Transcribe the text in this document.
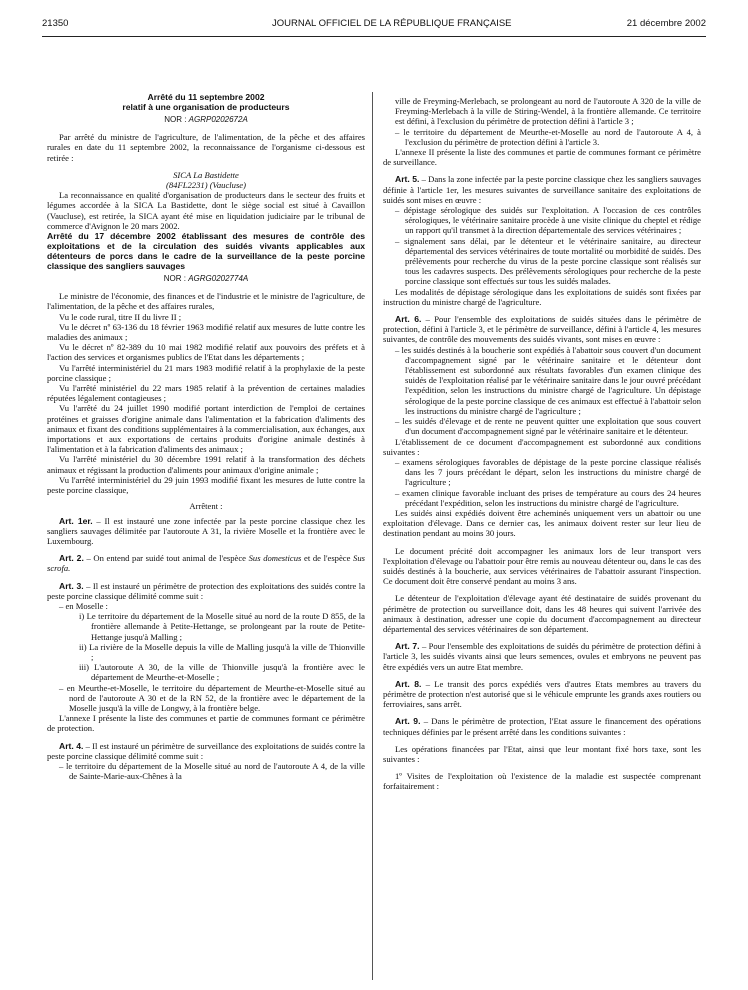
21350	JOURNAL OFFICIEL DE LA RÉPUBLIQUE FRANÇAISE	21 décembre 2002

Arrêté du 11 septembre 2002

relatif à une organisation de producteurs

NOR : AGRP0202672A

Par arrêté du ministre de l'agriculture, de l'alimentation, de la pêche et des affaires rurales en date du 11 septembre 2002, la reconnaissance de l'organisme ci-dessous est retirée :

SICA La Bastidette

(84FL2231) (Vaucluse)

La reconnaissance en qualité d'organisation de producteurs dans le secteur des fruits et légumes accordée à la SICA La Bastidette, dont le siège social est situé à Cavaillon (Vaucluse), est retirée, la SICA ayant été mise en liquidation judiciaire par le tribunal de commerce d'Avignon le 20 mars 2002.

Arrêté du 17 décembre 2002 établissant des mesures de contrôle des exploitations et de la circulation des suidés vivants applicables aux détenteurs de porcs dans le cadre de la surveillance de la peste porcine classique des sangliers sauvages

NOR : AGRG0202774A

Le ministre de l'économie, des finances et de l'industrie et le ministre de l'agriculture, de l'alimentation, de la pêche et des affaires rurales,

Vu le code rural, titre II du livre II ;

Vu le décret nº 63-136 du 18 février 1963 modifié relatif aux mesures de lutte contre les maladies des animaux ;

Vu le décret nº 82-389 du 10 mai 1982 modifié relatif aux pouvoirs des préfets et à l'action des services et organismes publics de l'Etat dans les départements ;

Vu l'arrêté interministériel du 21 mars 1983 modifié relatif à la prophylaxie de la peste porcine classique ;

Vu l'arrêté ministériel du 22 mars 1985 relatif à la prévention de certaines maladies réputées légalement contagieuses ;

Vu l'arrêté du 24 juillet 1990 modifié portant interdiction de l'emploi de certaines protéines et graisses d'origine animale dans l'alimentation et la fabrication d'aliments des animaux et fixant des conditions supplémentaires à la commercialisation, aux échanges, aux importations et aux exportations de certains produits d'origine animale destinés à l'alimentation et à la fabrication d'aliments des animaux ;

Vu l'arrêté ministériel du 30 décembre 1991 relatif à la transformation des déchets animaux et régissant la production d'aliments pour animaux d'origine animale ;

Vu l'arrêté interministériel du 29 juin 1993 modifié fixant les mesures de lutte contre la peste porcine classique,

Arrêtent :

Art. 1er. – Il est instauré une zone infectée par la peste porcine classique chez les sangliers sauvages délimitée par l'autoroute A 31, la rivière Moselle et la frontière avec le Luxembourg.

Art. 2. – On entend par suidé tout animal de l'espèce Sus domesticus et de l'espèce Sus scrofa.

Art. 3. – Il est instauré un périmètre de protection des exploitations des suidés contre la peste porcine classique délimité comme suit :

– en Moselle :

i) Le territoire du département de la Moselle situé au nord de la route D 855, de la frontière allemande à Petite-Hettange, se prolongeant par la route de Petite-Hettange jusqu'à Malling ;

ii) La rivière de la Moselle depuis la ville de Malling jusqu'à la ville de Thionville ;

iii) L'autoroute A 30, de la ville de Thionville jusqu'à la frontière avec le département de Meurthe-et-Moselle ;

– en Meurthe-et-Moselle, le territoire du département de Meurthe-et-Moselle situé au nord de l'autoroute A 30 et de la RN 52, de la frontière avec le département de la Moselle jusqu'à la ville de Longwy, à la frontière belge.

L'annexe I présente la liste des communes et partie de communes formant ce périmètre de protection.

Art. 4. – Il est instauré un périmètre de surveillance des exploitations de suidés contre la peste porcine classique délimité comme suit :

– le territoire du département de la Moselle situé au nord de l'autoroute A 4, de la ville de Sainte-Marie-aux-Chênes à la

ville de Freyming-Merlebach, se prolongeant au nord de l'autoroute A 320 de la ville de Freyming-Merlebach à la ville de Stiring-Wendel, à la frontière allemande. Ce territoire est défini, à l'exclusion du périmètre de protection défini à l'article 3 ;

– le territoire du département de Meurthe-et-Moselle au nord de l'autoroute A 4, à l'exclusion du périmètre de protection défini à l'article 3.

L'annexe II présente la liste des communes et partie de communes formant ce périmètre de surveillance.

Art. 5. – Dans la zone infectée par la peste porcine classique chez les sangliers sauvages définie à l'article 1er, les mesures suivantes de surveillance sanitaire des exploitations de suidés sont mises en œuvre :

– dépistage sérologique des suidés sur l'exploitation. A l'occasion de ces contrôles sérologiques, le vétérinaire sanitaire procède à une visite clinique du cheptel et rédige un rapport qu'il transmet à la direction départementale des services vétérinaires ;

– signalement sans délai, par le détenteur et le vétérinaire sanitaire, au directeur départemental des services vétérinaires de toute mortalité ou morbidité de suidés. Des prélèvements pour recherche du virus de la peste porcine classique sont réalisés sur tous les cadavres suspects. Des prélèvements sérologiques pour recherche de la peste porcine classique sont effectués sur tous les suidés malades.

Les modalités de dépistage sérologique dans les exploitations de suidés sont fixées par instruction du ministre chargé de l'agriculture.

Art. 6. – Pour l'ensemble des exploitations de suidés situées dans le périmètre de protection, défini à l'article 3, et le périmètre de surveillance, défini à l'article 4, les mesures suivantes, de contrôle des mouvements des suidés vivants, sont mises en œuvre :

– les suidés destinés à la boucherie sont expédiés à l'abattoir sous couvert d'un document d'accompagnement signé par le vétérinaire sanitaire et le détenteur dont l'établissement est subordonné aux résultats favorables d'un examen clinique des suidés de l'exploitation réalisé par le vétérinaire sanitaire dans le jour ouvré précédant l'expédition, selon les instructions du ministre chargé de l'agriculture. Un dépistage sérologique de la peste porcine classique de ces animaux est effectué à l'abattoir selon les instructions du ministre chargé de l'agriculture ;

– les suidés d'élevage et de rente ne peuvent quitter une exploitation que sous couvert d'un document d'accompagnement signé par le vétérinaire sanitaire et le détenteur.

L'établissement de ce document d'accompagnement est subordonné aux conditions suivantes :

– examens sérologiques favorables de dépistage de la peste porcine classique réalisés dans les 7 jours précédant le départ, selon les instructions du ministre chargé de l'agriculture ;

– examen clinique favorable incluant des prises de température au cours des 24 heures précédant l'expédition, selon les instructions du ministre chargé de l'agriculture.

Les suidés ainsi expédiés doivent être acheminés uniquement vers un abattoir ou une exploitation d'élevage. Dans ce dernier cas, les animaux doivent rester sur leur lieu de destination pendant au moins 30 jours.

Le document précité doit accompagner les animaux lors de leur transport vers l'exploitation d'élevage ou l'abattoir pour être remis au nouveau détenteur ou, dans le cas des suidés destinés à la boucherie, aux services vétérinaires de l'abattoir assurant l'inspection. Ce document doit être conservé pendant au moins 3 ans.

Le détenteur de l'exploitation d'élevage ayant été destinataire de suidés provenant du périmètre de protection ou surveillance doit, dans les 48 heures qui suivent l'arrivée des animaux à destination, adresser une copie du document d'accompagnement au directeur départemental des services vétérinaires de son département.

Art. 7. – Pour l'ensemble des exploitations de suidés du périmètre de protection défini à l'article 3, les suidés vivants ainsi que leurs semences, ovules et embryons ne peuvent pas être expédiés vers un autre Etat membre.

Art. 8. – Le transit des porcs expédiés vers d'autres Etats membres au travers du périmètre de protection n'est autorisé que si le véhicule emprunte les grands axes routiers ou ferroviaires, sans arrêt.

Art. 9. – Dans le périmètre de protection, l'Etat assure le financement des opérations techniques définies par le présent arrêté dans les conditions suivantes :

Les opérations financées par l'Etat, ainsi que leur montant fixé hors taxe, sont les suivantes :

1º Visites de l'exploitation où l'existence de la maladie est suspectée comprenant forfaitairement :
